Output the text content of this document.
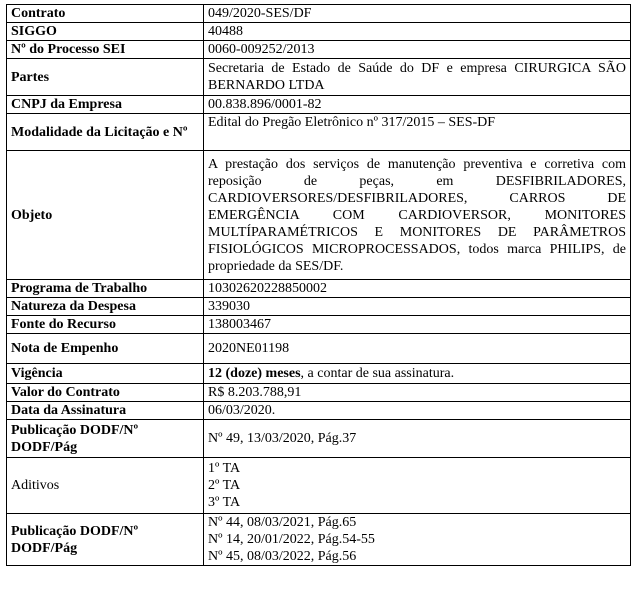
Contrato	049/2020-SES/DF
SIGGO	40488
Nº do Processo SEI	0060-009252/2013
Partes	Secretaria de Estado de Saúde do DF e empresa CIRURGICA SÃO BERNARDO LTDA
CNPJ da Empresa	00.838.896/0001-82
Modalidade da Licitação e Nº	Edital do Pregão Eletrônico nº 317/2015 – SES-DF
Objeto	A prestação dos serviços de manutenção preventiva e corretiva com reposição de peças, em DESFIBRILADORES, CARDIOVERSORES/DESFIBRILADORES, CARROS DE EMERGÊNCIA COM CARDIOVERSOR, MONITORES MULTÍPARAMÉTRICOS E MONITORES DE PARÂMETROS FISIOLÓGICOS MICROPROCESSADOS, todos marca PHILIPS, de propriedade da SES/DF.
Programa de Trabalho	10302620228850002
Natureza da Despesa	339030
Fonte do Recurso	138003467
Nota de Empenho	2020NE01198
Vigência	12 (doze) meses, a contar de sua assinatura.
Valor do Contrato	R$ 8.203.788,91
Data da Assinatura	06/03/2020.
Publicação DODF/Nº DODF/Pág	Nº 49, 13/03/2020, Pág.37
Aditivos	1º TA
2º TA
3º TA

Publicação DODF/Nº DODF/Pág	Nº 44, 08/03/2021, Pág.65
Nº 14, 20/01/2022, Pág.54-55
Nº 45, 08/03/2022, Pág.56
